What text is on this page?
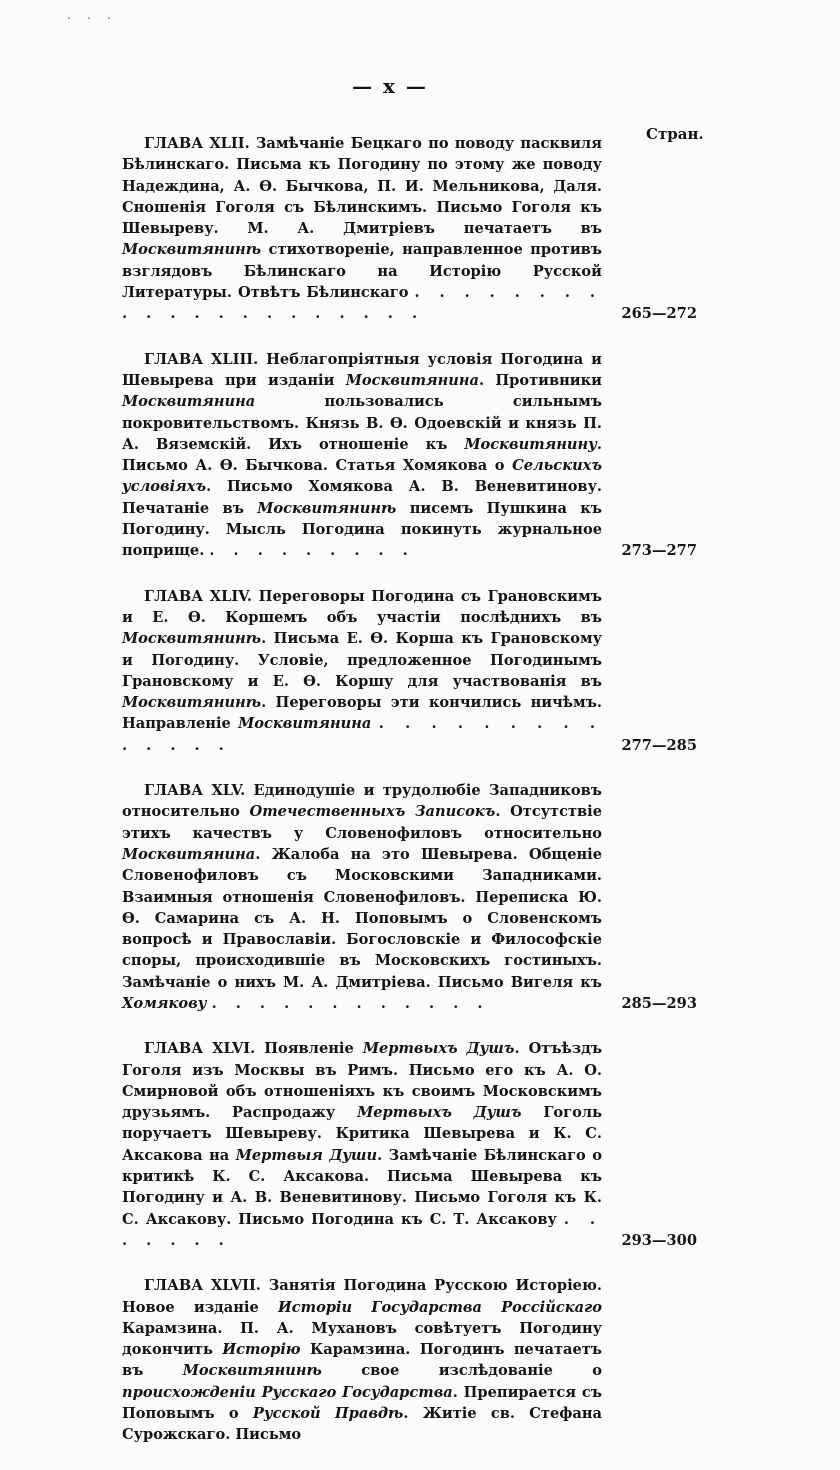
. . .
— x —
Стран.
ГЛАВА XLII. Замѣчаніе Бецкаго по поводу пасквиля Бѣлинскаго. Письма къ Погодину по этому же поводу Надеждина, А. Ѳ. Бычкова, П. И. Мельникова, Даля. Сношенія Гоголя съ Бѣлинскимъ. Письмо Гоголя къ Шевыреву. М. А. Дмитріевъ печатаетъ въ Москвитянинѣ стихотвореніе, направленное противъ взглядовъ Бѣлинскаго на Исторію Русской Литературы. Отвѣтъ Бѣлинскаго . . . . . . . . . . . . . . . . . . . . .	265—272
ГЛАВА XLIII. Неблагопріятныя условія Погодина и Шевырева при изданіи Москвитянина. Противники Москвитянина пользовались сильнымъ покровительствомъ. Князь В. Ѳ. Одоевскій и князь П. А. Вяземскій. Ихъ отношеніе къ Москвитянину. Письмо А. Ѳ. Бычкова. Статья Хомякова о Сельскихъ условіяхъ. Письмо Хомякова А. В. Веневитинову. Печатаніе въ Москвитянинѣ писемъ Пушкина къ Погодину. Мысль Погодина покинуть журнальное поприще. . . . . . . . . .	273—277
ГЛАВА XLIV. Переговоры Погодина съ Грановскимъ и Е. Ѳ. Коршемъ объ участіи послѣднихъ въ Москвитянинѣ. Письма Е. Ѳ. Корша къ Грановскому и Погодину. Условіе, предложенное Погодинымъ Грановскому и Е. Ѳ. Коршу для участвованія въ Москвитянинѣ. Переговоры эти кончились ничѣмъ. Направленіе Москвитянина . . . . . . . . . . . . . .	277—285
ГЛАВА XLV. Единодушіе и трудолюбіе Западниковъ относительно Отечественныхъ Записокъ. Отсутствіе этихъ качествъ у Словенофиловъ относительно Москвитянина. Жалоба на это Шевырева. Общеніе Словенофиловъ съ Московскими Западниками. Взаимныя отношенія Словенофиловъ. Переписка Ю. Ѳ. Самарина съ А. Н. Поповымъ о Словенскомъ вопросѣ и Православіи. Богословскіе и Философскіе споры, происходившіе въ Московскихъ гостиныхъ. Замѣчаніе о нихъ М. А. Дмитріева. Письмо Вигеля къ Хомякову . . . . . . . . . . . .	285—293
ГЛАВА XLVI. Появленіе Мертвыхъ Душъ. Отъѣздъ Гоголя изъ Москвы въ Римъ. Письмо его къ А. О. Смирновой объ отношеніяхъ къ своимъ Московскимъ друзьямъ. Распродажу Мертвыхъ Душъ Гоголь поручаетъ Шевыреву. Критика Шевырева и К. С. Аксакова на Мертвыя Души. Замѣчаніе Бѣлинскаго о критикѣ К. С. Аксакова. Письма Шевырева къ Погодину и А. В. Веневитинову. Письмо Гоголя къ К. С. Аксакову. Письмо Погодина къ С. Т. Аксакову . . . . . . .	293—300
ГЛАВА XLVII. Занятія Погодина Русскою Исторіею. Новое изданіе Исторіи Государства Россійскаго Карамзина. П. А. Мухановъ совѣтуетъ Погодину докончить Исторію Карамзина. Погодинъ печатаетъ въ Москвитянинѣ свое изслѣдованіе о происхожденіи Русскаго Государства. Препирается съ Поповымъ о Русской Правдѣ. Житіе св. Стефана Сурожскаго. Письмо
